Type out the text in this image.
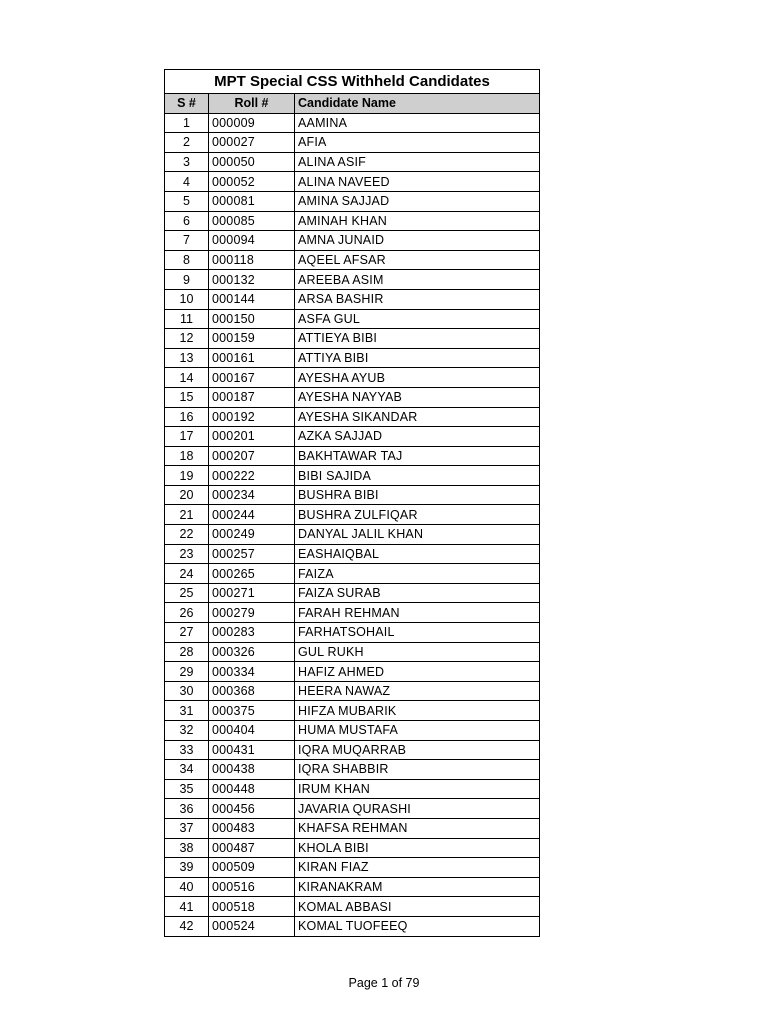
MPT Special CSS Withheld Candidates		
S #	Roll #	Candidate Name
1	000009	AAMINA
2	000027	AFIA
3	000050	ALINA ASIF
4	000052	ALINA NAVEED
5	000081	AMINA SAJJAD
6	000085	AMINAH KHAN
7	000094	AMNA JUNAID
8	000118	AQEEL AFSAR
9	000132	AREEBA ASIM
10	000144	ARSA BASHIR
11	000150	ASFA GUL
12	000159	ATTIEYA BIBI
13	000161	ATTIYA BIBI
14	000167	AYESHA AYUB
15	000187	AYESHA NAYYAB
16	000192	AYESHA SIKANDAR
17	000201	AZKA SAJJAD
18	000207	BAKHTAWAR TAJ
19	000222	BIBI SAJIDA
20	000234	BUSHRA BIBI
21	000244	BUSHRA ZULFIQAR
22	000249	DANYAL JALIL KHAN
23	000257	EASHAIQBAL
24	000265	FAIZA
25	000271	FAIZA SURAB
26	000279	FARAH REHMAN
27	000283	FARHATSOHAIL
28	000326	GUL RUKH
29	000334	HAFIZ AHMED
30	000368	HEERA NAWAZ
31	000375	HIFZA MUBARIK
32	000404	HUMA MUSTAFA
33	000431	IQRA MUQARRAB
34	000438	IQRA SHABBIR
35	000448	IRUM KHAN
36	000456	JAVARIA QURASHI
37	000483	KHAFSA REHMAN
38	000487	KHOLA BIBI
39	000509	KIRAN FIAZ
40	000516	KIRANAKRAM
41	000518	KOMAL ABBASI
42	000524	KOMAL TUOFEEQ
Page 1 of 79
